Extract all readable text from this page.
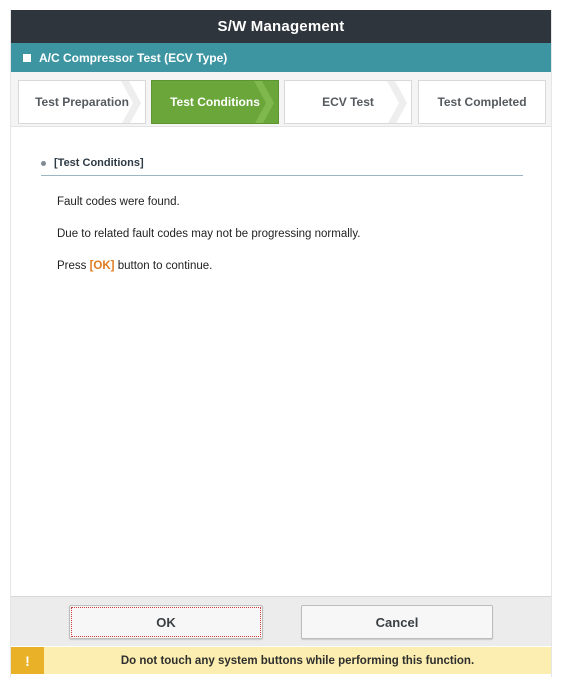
S/W Management
A/C Compressor Test (ECV Type)
Test Preparation	Test Conditions	ECV Test	Test Completed
[Test Conditions]
Fault codes were found.
Due to related fault codes may not be progressing normally.
Press [OK] button to continue.
OK	Cancel
!	Do not touch any system buttons while performing this function.
